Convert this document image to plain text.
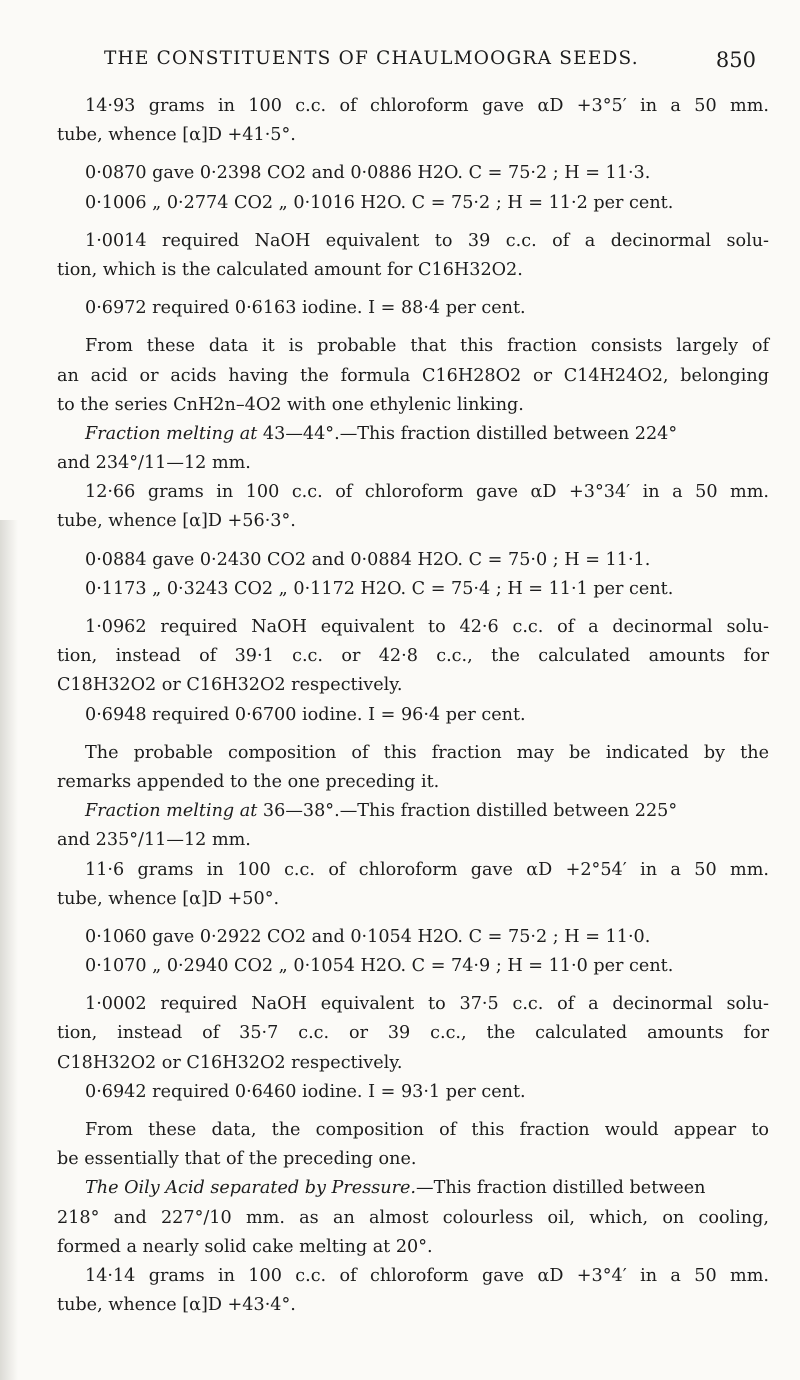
THE CONSTITUENTS OF CHAULMOOGRA SEEDS.	850
14·93 grams in 100 c.c. of chloroform gave αD +3°5′ in a 50 mm.
tube, whence [α]D +41·5°.
0·0870 gave 0·2398 CO2 and 0·0886 H2O. C = 75·2 ; H = 11·3.
0·1006 „ 0·2774 CO2 „ 0·1016 H2O. C = 75·2 ; H = 11·2 per cent.
1·0014 required NaOH equivalent to 39 c.c. of a decinormal solu-
tion, which is the calculated amount for C16H32O2.
0·6972 required 0·6163 iodine. I = 88·4 per cent.
From these data it is probable that this fraction consists largely of
an acid or acids having the formula C16H28O2 or C14H24O2, belonging
to the series CnH2n–4O2 with one ethylenic linking.
Fraction melting at 43—44°.—This fraction distilled between 224°
and 234°/11—12 mm.
12·66 grams in 100 c.c. of chloroform gave αD +3°34′ in a 50 mm.
tube, whence [α]D +56·3°.
0·0884 gave 0·2430 CO2 and 0·0884 H2O. C = 75·0 ; H = 11·1.
0·1173 „ 0·3243 CO2 „ 0·1172 H2O. C = 75·4 ; H = 11·1 per cent.
1·0962 required NaOH equivalent to 42·6 c.c. of a decinormal solu-
tion, instead of 39·1 c.c. or 42·8 c.c., the calculated amounts for
C18H32O2 or C16H32O2 respectively.
0·6948 required 0·6700 iodine. I = 96·4 per cent.
The probable composition of this fraction may be indicated by the
remarks appended to the one preceding it.
Fraction melting at 36—38°.—This fraction distilled between 225°
and 235°/11—12 mm.
11·6 grams in 100 c.c. of chloroform gave αD +2°54′ in a 50 mm.
tube, whence [α]D +50°.
0·1060 gave 0·2922 CO2 and 0·1054 H2O. C = 75·2 ; H = 11·0.
0·1070 „ 0·2940 CO2 „ 0·1054 H2O. C = 74·9 ; H = 11·0 per cent.
1·0002 required NaOH equivalent to 37·5 c.c. of a decinormal solu-
tion, instead of 35·7 c.c. or 39 c.c., the calculated amounts for
C18H32O2 or C16H32O2 respectively.
0·6942 required 0·6460 iodine. I = 93·1 per cent.
From these data, the composition of this fraction would appear to
be essentially that of the preceding one.
The Oily Acid separated by Pressure.—This fraction distilled between
218° and 227°/10 mm. as an almost colourless oil, which, on cooling,
formed a nearly solid cake melting at 20°.
14·14 grams in 100 c.c. of chloroform gave αD +3°4′ in a 50 mm.
tube, whence [α]D +43·4°.
